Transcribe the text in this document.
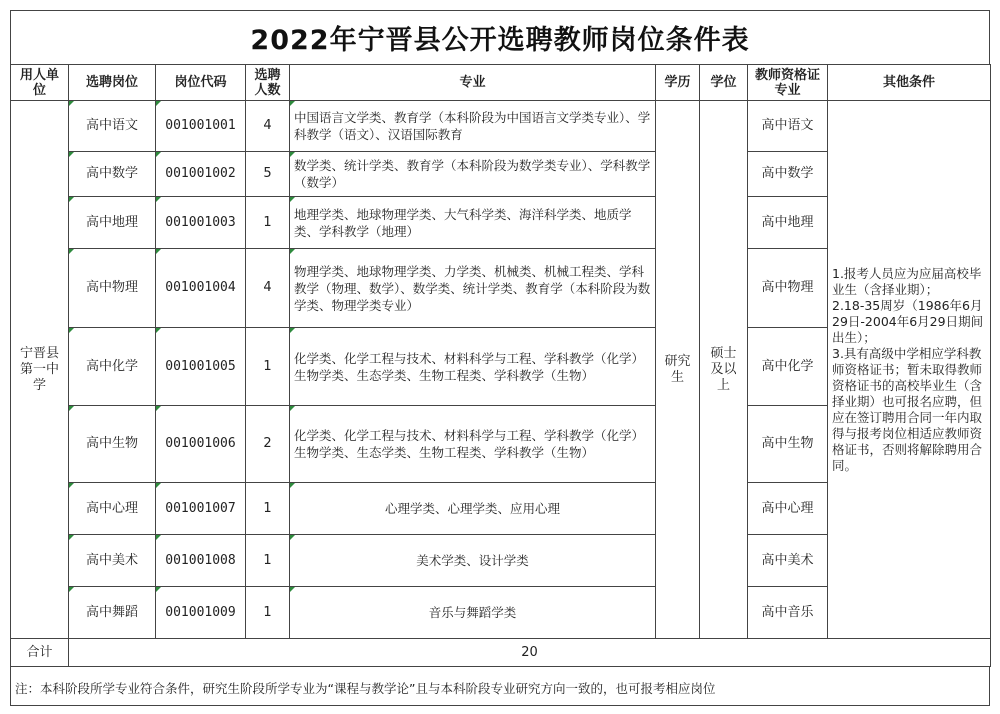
2022年宁晋县公开选聘教师岗位条件表
用人单位	选聘岗位	岗位代码	选聘人数	专业	学历	学位	教师资格证专业	其他条件
宁晋县第一中学	高中语文	001001001	4	中国语言文学类、教育学（本科阶段为中国语言文学类专业）、学科教学（语文）、汉语国际教育	研究生	硕士及以上	高中语文	1.报考人员应为应届高校毕业生（含择业期）；
2.18-35周岁（1986年6月29日-2004年6月29日期间出生）；
3.具有高级中学相应学科教师资格证书；暂未取得教师资格证书的高校毕业生（含择业期）也可报名应聘，但应在签订聘用合同一年内取得与报考岗位相适应教师资格证书，否则将解除聘用合同。
	高中数学	001001002	5	数学类、统计学类、教育学（本科阶段为数学类专业）、学科教学（数学）			高中数学	
	高中地理	001001003	1	地理学类、地球物理学类、大气科学类、海洋科学类、地质学类、学科教学（地理）			高中地理	
	高中物理	001001004	4	物理学类、地球物理学类、力学类、机械类、机械工程类、学科教学（物理、数学）、数学类、统计学类、教育学（本科阶段为数学类、物理学类专业）			高中物理	
	高中化学	001001005	1	化学类、化学工程与技术、材料科学与工程、学科教学（化学）
生物学类、生态学类、生物工程类、学科教学（生物）			高中化学	
	高中生物	001001006	2	化学类、化学工程与技术、材料科学与工程、学科教学（化学）
生物学类、生态学类、生物工程类、学科教学（生物）			高中生物	
	高中心理	001001007	1	心理学类、心理学类、应用心理			高中心理	
	高中美术	001001008	1	美术学类、设计学类			高中美术	
	高中舞蹈	001001009	1	音乐与舞蹈学类			高中音乐	
合计	20							
注：本科阶段所学专业符合条件，研究生阶段所学专业为“课程与教学论”且与本科阶段专业研究方向一致的，也可报考相应岗位
